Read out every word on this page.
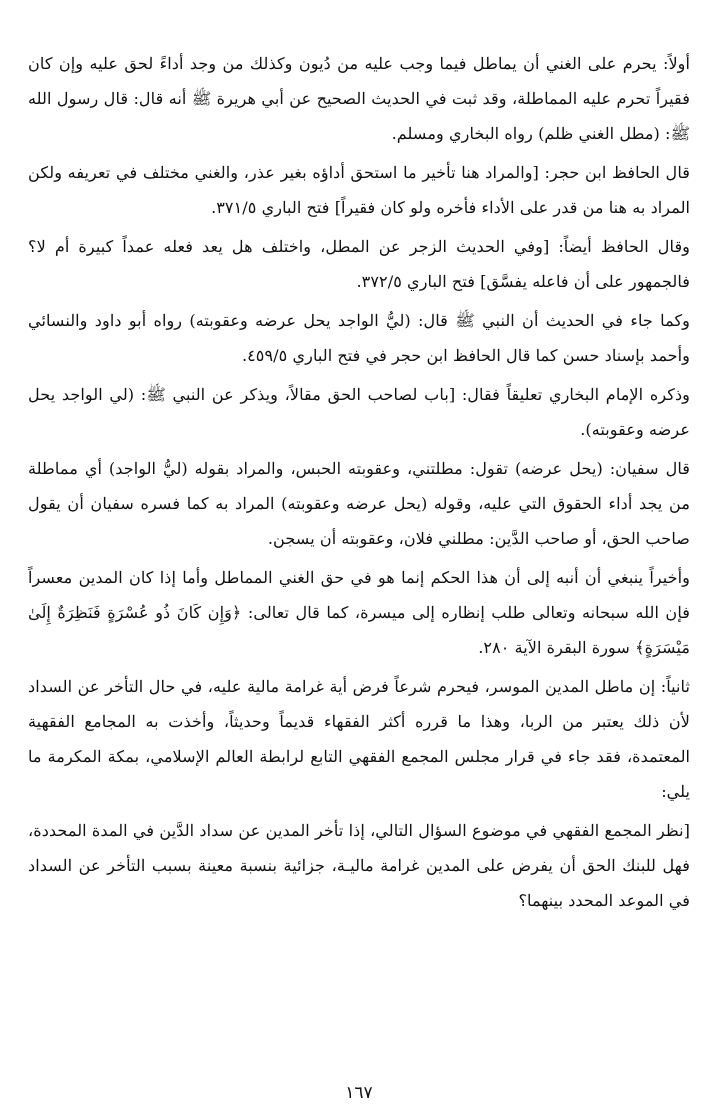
أولاً: يحرم على الغني أن يماطل فيما وجب عليه من دُيون وكذلك من وجد أداءً لحق عليه وإن كان فقيراً تحرم عليه المماطلة، وقد ثبت في الحديث الصحيح عن أبي هريرة ﷺ أنه قال: قال رسول الله ﷺ: (مطل الغني ظلم) رواه البخاري ومسلم.

قال الحافظ ابن حجر: [والمراد هنا تأخير ما استحق أداؤه بغير عذر، والغني مختلف في تعريفه ولكن المراد به هنا من قدر على الأداء فأخره ولو كان فقيراً] فتح الباري ٣٧١/٥.

وقال الحافظ أيضاً: [وفي الحديث الزجر عن المطل، واختلف هل يعد فعله عمداً كبيرة أم لا؟ فالجمهور على أن فاعله يفسَّق] فتح الباري ٣٧٢/٥.

وكما جاء في الحديث أن النبي ﷺ قال: (ليُّ الواجد يحل عرضه وعقوبته) رواه أبو داود والنسائي وأحمد بإسناد حسن كما قال الحافظ ابن حجر في فتح الباري ٤٥٩/٥.

وذكره الإمام البخاري تعليقاً فقال: [باب لصاحب الحق مقالاً، ويذكر عن النبي ﷺ: (لي الواجد يحل عرضه وعقوبته).

قال سفيان: (يحل عرضه) تقول: مطلتني، وعقوبته الحبس، والمراد بقوله (ليُّ الواجد) أي مماطلة من يجد أداء الحقوق التي عليه، وقوله (يحل عرضه وعقوبته) المراد به كما فسره سفيان أن يقول صاحب الحق، أو صاحب الدَّين: مطلني فلان، وعقوبته أن يسجن.

وأخيراً ينبغي أن أنبه إلى أن هذا الحكم إنما هو في حق الغني المماطل وأما إذا كان المدين معسراً فإن الله سبحانه وتعالى طلب إنظاره إلى ميسرة، كما قال تعالى: ﴿وَإِن كَانَ ذُو عُسْرَةٍ فَنَظِرَةٌ إِلَىٰ مَيْسَرَةٍ﴾ سورة البقرة الآية ٢٨٠.

ثانياً: إن ماطل المدين الموسر، فيحرم شرعاً فرض أية غرامة مالية عليه، في حال التأخر عن السداد لأن ذلك يعتبر من الربا، وهذا ما قرره أكثر الفقهاء قديماً وحديثاً، وأخذت به المجامع الفقهية المعتمدة، فقد جاء في قرار مجلس المجمع الفقهي التابع لرابطة العالم الإسلامي، بمكة المكرمة ما يلي:

[نظر المجمع الفقهي في موضوع السؤال التالي، إذا تأخر المدين عن سداد الدَّين في المدة المحددة، فهل للبنك الحق أن يفرض على المدين غرامة ماليـة، جزائية بنسبة معينة بسبب التأخر عن السداد في الموعد المحدد بينهما؟

١٦٧
